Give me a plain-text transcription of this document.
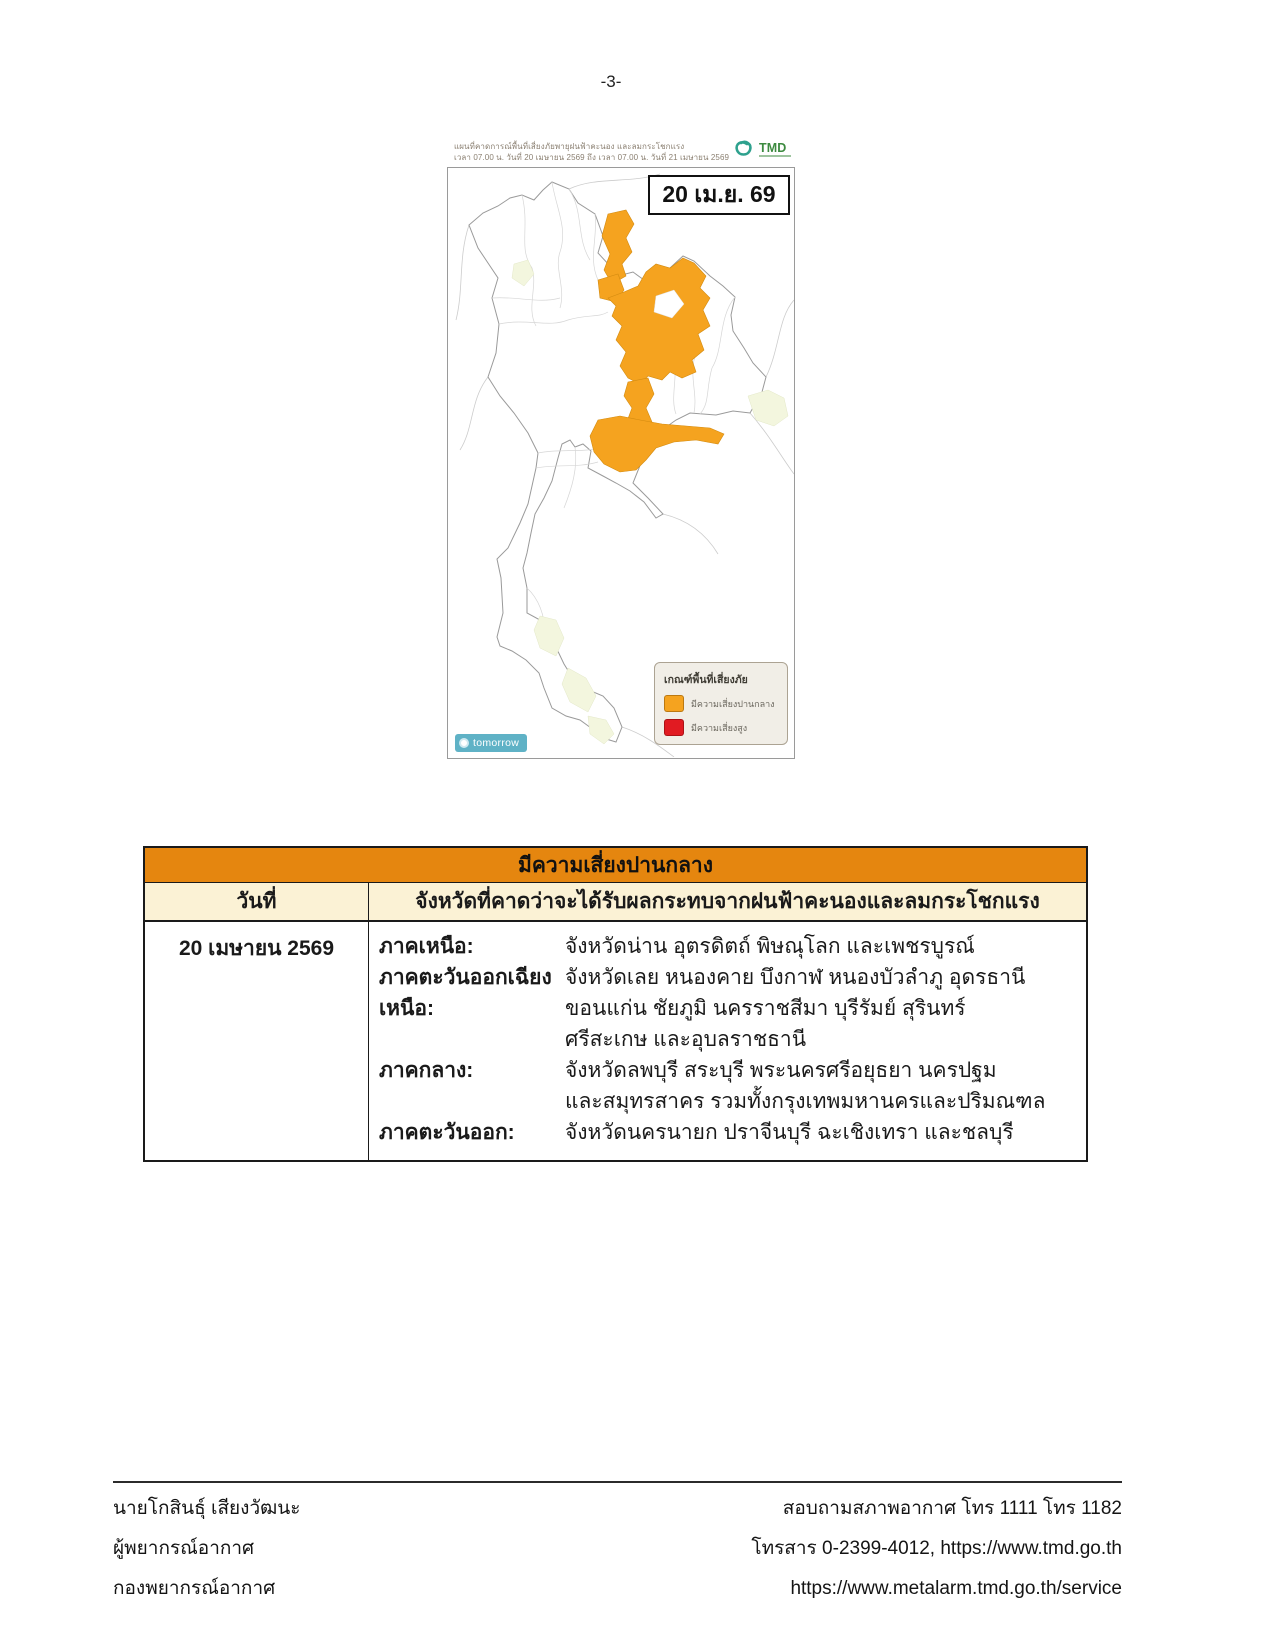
-3-
แผนที่คาดการณ์พื้นที่เสี่ยงภัยพายุฝนฟ้าคะนอง และลมกระโชกแรง
เวลา 07.00 น. วันที่ 20 เมษายน 2569 ถึง เวลา 07.00 น. วันที่ 21 เมษายน 2569
TMD
20 เม.ย. 69
เกณฑ์พื้นที่เสี่ยงภัย
มีความเสี่ยงปานกลาง
มีความเสี่ยงสูง
tomorrow
มีความเสี่ยงปานกลาง
วันที่	จังหวัดที่คาดว่าจะได้รับผลกระทบจากฝนฟ้าคะนองและลมกระโชกแรง
20 เมษายน 2569	ภาคเหนือ:	จังหวัดน่าน อุตรดิตถ์ พิษณุโลก และเพชรบูรณ์
ภาคตะวันออกเฉียงเหนือ:
จังหวัดเลย หนองคาย บึงกาฬ หนองบัวลำภู อุดรธานี
ขอนแก่น ชัยภูมิ นครราชสีมา บุรีรัมย์ สุรินทร์
ศรีสะเกษ และอุบลราชธานี
ภาคกลาง:	จังหวัดลพบุรี สระบุรี พระนครศรีอยุธยา นครปฐม
และสมุทรสาคร รวมทั้งกรุงเทพมหานครและปริมณฑล
ภาคตะวันออก:	จังหวัดนครนายก ปราจีนบุรี ฉะเชิงเทรา และชลบุรี
นายโกสินธุ์ เสียงวัฒนะ
ผู้พยากรณ์อากาศ
กองพยากรณ์อากาศ
สอบถามสภาพอากาศ โทร 1111 โทร 1182
โทรสาร 0-2399-4012, https://www.tmd.go.th
https://www.metalarm.tmd.go.th/service
